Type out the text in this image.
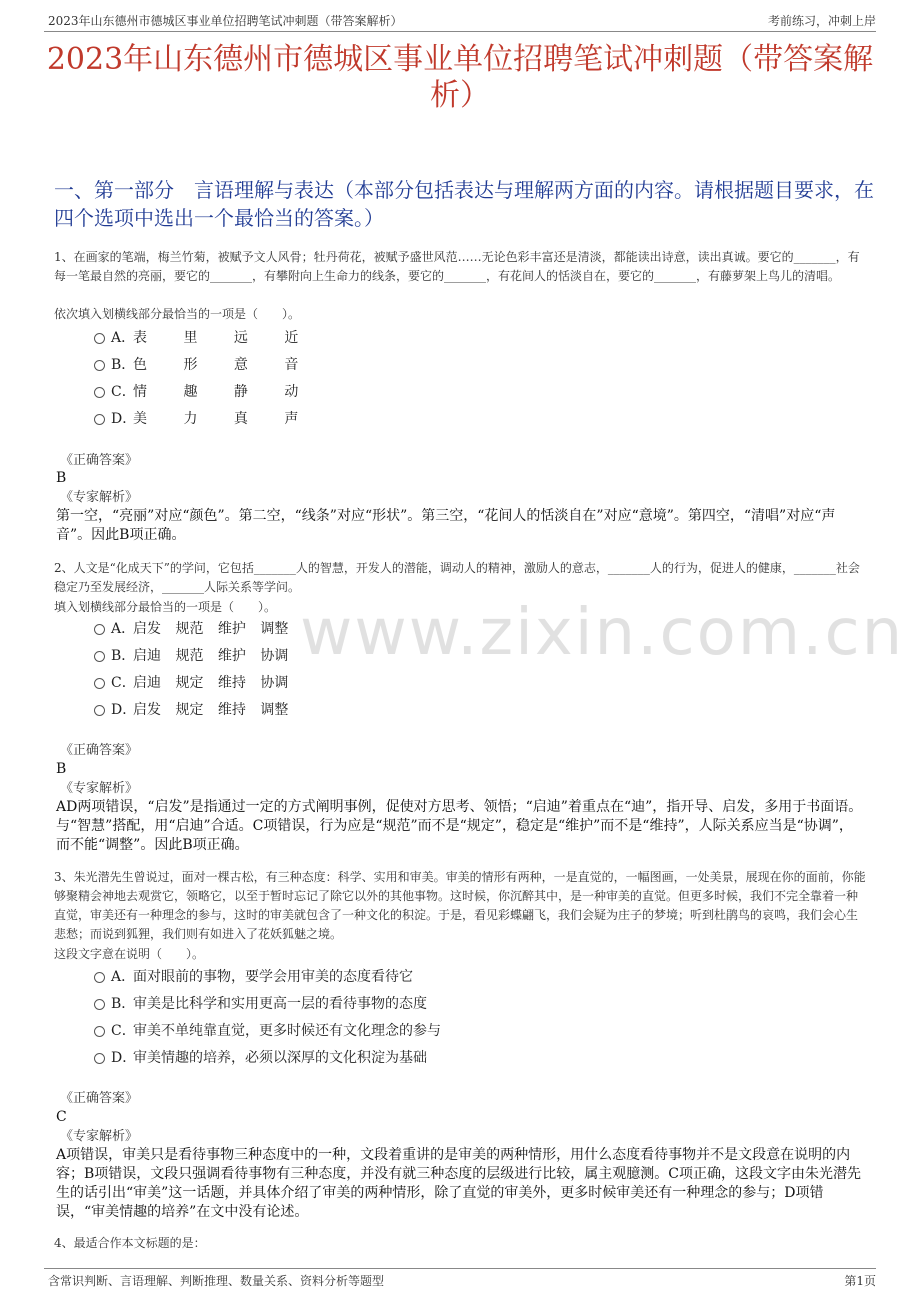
2023年山东德州市德城区事业单位招聘笔试冲刺题（带答案解析）	考前练习，冲刺上岸
2023年山东德州市德城区事业单位招聘笔试冲刺题（带答案解析）
一、第一部分　言语理解与表达（本部分包括表达与理解两方面的内容。请根据题目要求，在四个选项中选出一个最恰当的答案。）
1、在画家的笔端，梅兰竹菊，被赋予文人风骨；牡丹荷花，被赋予盛世风范……无论色彩丰富还是清淡，都能读出诗意，读出真诚。要它的_______，有每一笔最自然的亮丽，要它的_______，有攀附向上生命力的线条，要它的_______，有花间人的恬淡自在，要它的_______，有藤萝架上鸟儿的清唱。
依次填入划横线部分最恰当的一项是（　　）。
A．表 里 远 近
B．色 形 意 音
C．情 趣 静 动
D．美 力 真 声
《正确答案》
B
《专家解析》
第一空，“亮丽”对应“颜色”。第二空，“线条”对应“形状”。第三空，“花间人的恬淡自在”对应“意境”。第四空，“清唱”对应“声音”。因此B项正确。
2、人文是“化成天下”的学问，它包括_______人的智慧，开发人的潜能，调动人的精神，激励人的意志，_______人的行为，促进人的健康，_______社会稳定乃至发展经济，_______人际关系等学问。
填入划横线部分最恰当的一项是（　　）。
A．启发 规范 维护 调整
B．启迪 规范 维护 协调
C．启迪 规定 维持 协调
D．启发 规定 维持 调整
《正确答案》
B
《专家解析》
AD两项错误，“启发”是指通过一定的方式阐明事例，促使对方思考、领悟；“启迪”着重点在“迪”，指开导、启发，多用于书面语。与“智慧”搭配，用“启迪”合适。C项错误，行为应是“规范”而不是“规定”，稳定是“维护”而不是“维持”，人际关系应当是“协调”，而不能“调整”。因此B项正确。
www.zixin.com.cn
3、朱光潜先生曾说过，面对一棵古松，有三种态度：科学、实用和审美。审美的情形有两种，一是直觉的，一幅图画，一处美景，展现在你的面前，你能够聚精会神地去观赏它，领略它，以至于暂时忘记了除它以外的其他事物。这时候，你沉醉其中，是一种审美的直觉。但更多时候，我们不完全靠着一种直觉，审美还有一种理念的参与，这时的审美就包含了一种文化的积淀。于是，看见彩蝶翩飞，我们会疑为庄子的梦境；听到杜鹃鸟的哀鸣，我们会心生悲愁；而说到狐狸，我们则有如进入了花妖狐魅之境。
这段文字意在说明（　　）。
A．面对眼前的事物，要学会用审美的态度看待它
B．审美是比科学和实用更高一层的看待事物的态度
C．审美不单纯靠直觉，更多时候还有文化理念的参与
D．审美情趣的培养，必须以深厚的文化积淀为基础
《正确答案》
C
《专家解析》
A项错误，审美只是看待事物三种态度中的一种，文段着重讲的是审美的两种情形，用什么态度看待事物并不是文段意在说明的内容；B项错误，文段只强调看待事物有三种态度，并没有就三种态度的层级进行比较，属主观臆测。C项正确，这段文字由朱光潜先生的话引出“审美”这一话题，并具体介绍了审美的两种情形，除了直觉的审美外，更多时候审美还有一种理念的参与；D项错误，“审美情趣的培养”在文中没有论述。
4、最适合作本文标题的是：
含常识判断、言语理解、判断推理、数量关系、资料分析等题型	第1页
